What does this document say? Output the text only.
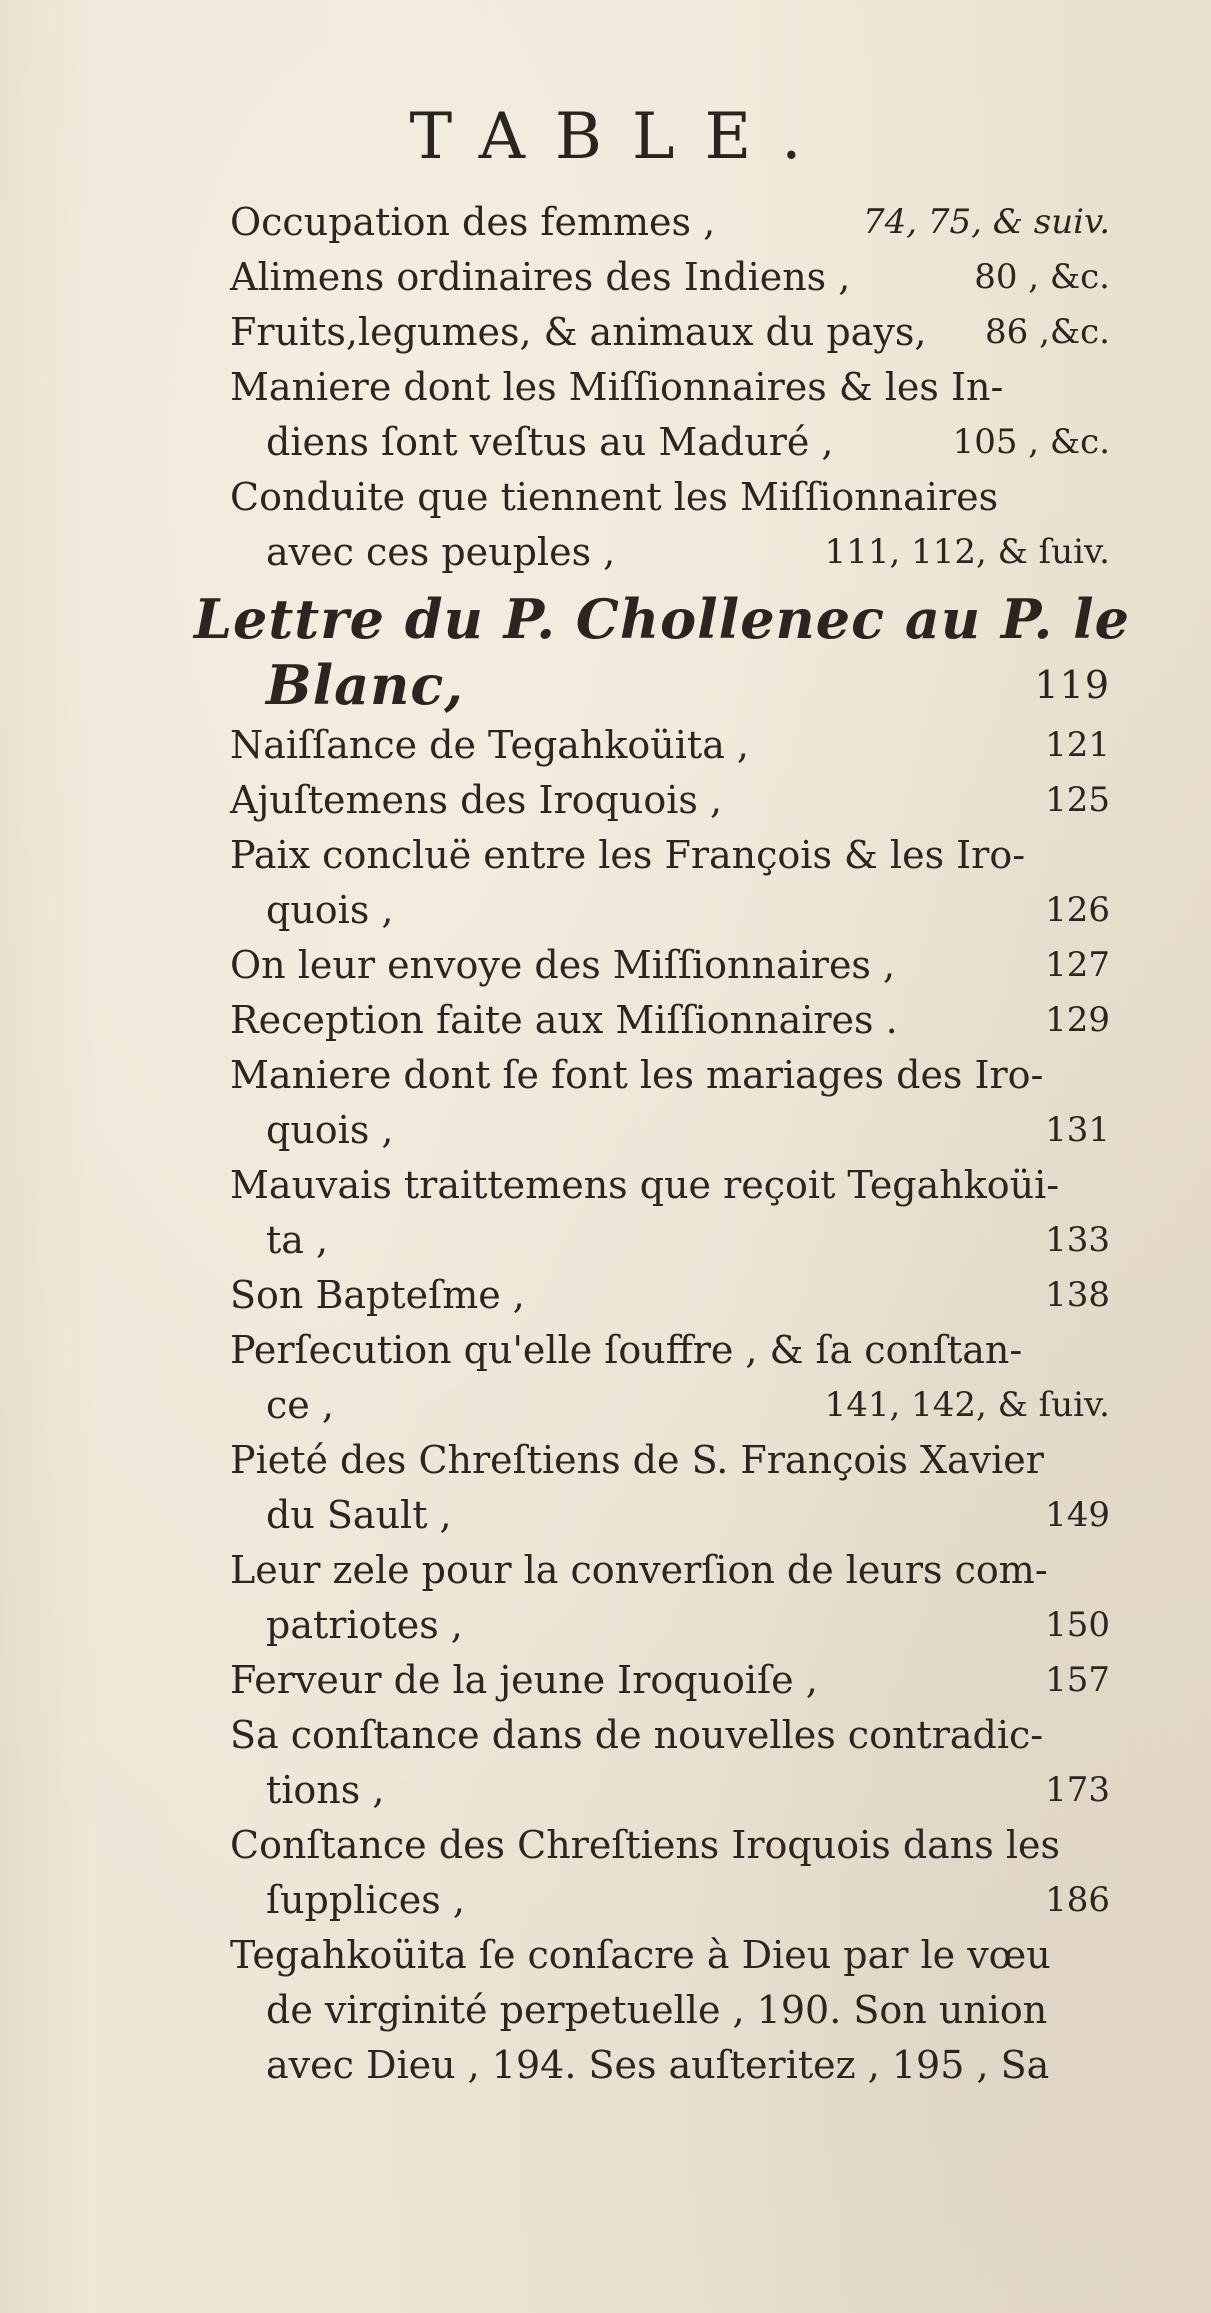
TABLE.
Occupation des femmes ,	74, 75, & suiv.
Alimens ordinaires des Indiens ,	80 , &c.
Fruits,legumes, & animaux du pays, 86 ,&c.
Maniere dont les Miſſionnaires & les In-
diens ſont veſtus au Maduré ,	105 , &c.
Conduite que tiennent les Miſſionnaires
avec ces peuples ,	111, 112, & ſuiv.
Lettre du P. Chollenec au P. le
Blanc,	119
Naiſſance de Tegahkoüita ,	121
Ajuſtemens des Iroquois ,	125
Paix concluë entre les François & les Iro-
quois ,	126
On leur envoye des Miſſionnaires ,	127
Reception faite aux Miſſionnaires .	129
Maniere dont ſe font les mariages des Iro-
quois ,	131
Mauvais traittemens que reçoit Tegahkoüi-
ta ,	133
Son Bapteſme ,	138
Perſecution qu'elle ſouffre , & ſa conſtan-
ce ,	141, 142, & ſuiv.
Pieté des Chreſtiens de S. François Xavier
du Sault ,	149
Leur zele pour la converſion de leurs com-
patriotes ,	150
Ferveur de la jeune Iroquoiſe ,	157
Sa conſtance dans de nouvelles contradic-
tions ,	173
Conſtance des Chreſtiens Iroquois dans les
ſupplices ,	186
Tegahkoüita ſe conſacre à Dieu par le vœu
de virginité perpetuelle , 190. Son union
avec Dieu , 194. Ses auſteritez , 195 , Sa
